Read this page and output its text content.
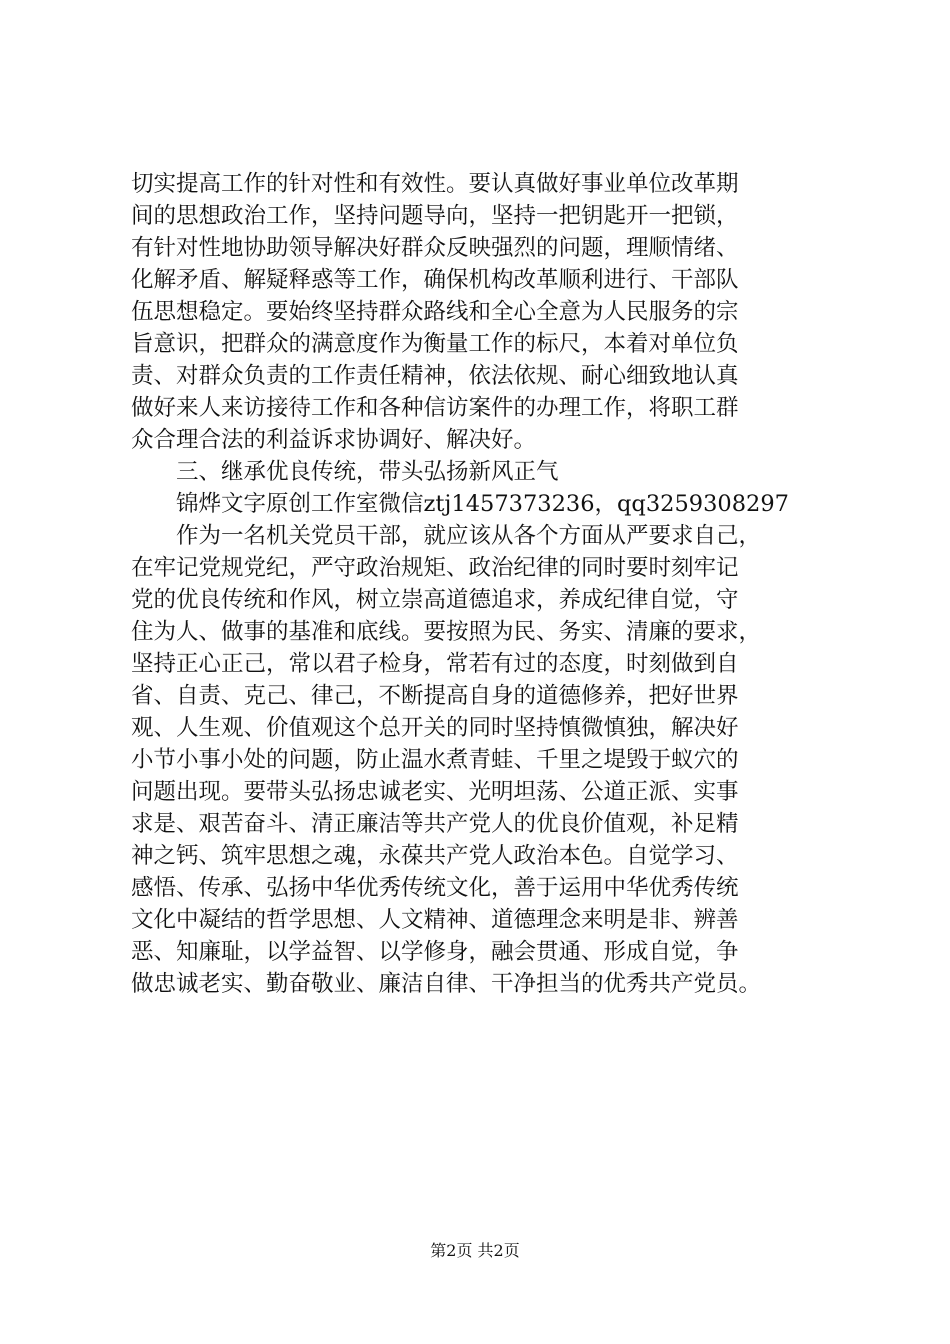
切实提高工作的针对性和有效性。要认真做好事业单位改革期
间的思想政治工作，坚持问题导向，坚持一把钥匙开一把锁，
有针对性地协助领导解决好群众反映强烈的问题，理顺情绪、
化解矛盾、解疑释惑等工作，确保机构改革顺利进行、干部队
伍思想稳定。要始终坚持群众路线和全心全意为人民服务的宗
旨意识，把群众的满意度作为衡量工作的标尺，本着对单位负
责、对群众负责的工作责任精神，依法依规、耐心细致地认真
做好来人来访接待工作和各种信访案件的办理工作，将职工群
众合理合法的利益诉求协调好、解决好。
　　三、继承优良传统，带头弘扬新风正气
　　锦烨文字原创工作室微信ztj1457373236，qq3259308297
　　作为一名机关党员干部，就应该从各个方面从严要求自己，
在牢记党规党纪，严守政治规矩、政治纪律的同时要时刻牢记
党的优良传统和作风，树立崇高道德追求，养成纪律自觉，守
住为人、做事的基准和底线。要按照为民、务实、清廉的要求，
坚持正心正己，常以君子检身，常若有过的态度，时刻做到自
省、自责、克己、律己，不断提高自身的道德修养，把好世界
观、人生观、价值观这个总开关的同时坚持慎微慎独，解决好
小节小事小处的问题，防止温水煮青蛙、千里之堤毁于蚁穴的
问题出现。要带头弘扬忠诚老实、光明坦荡、公道正派、实事
求是、艰苦奋斗、清正廉洁等共产党人的优良价值观，补足精
神之钙、筑牢思想之魂，永葆共产党人政治本色。自觉学习、
感悟、传承、弘扬中华优秀传统文化，善于运用中华优秀传统
文化中凝结的哲学思想、人文精神、道德理念来明是非、辨善
恶、知廉耻，以学益智、以学修身，融会贯通、形成自觉，争
做忠诚老实、勤奋敬业、廉洁自律、干净担当的优秀共产党员。
第2页 共2页
